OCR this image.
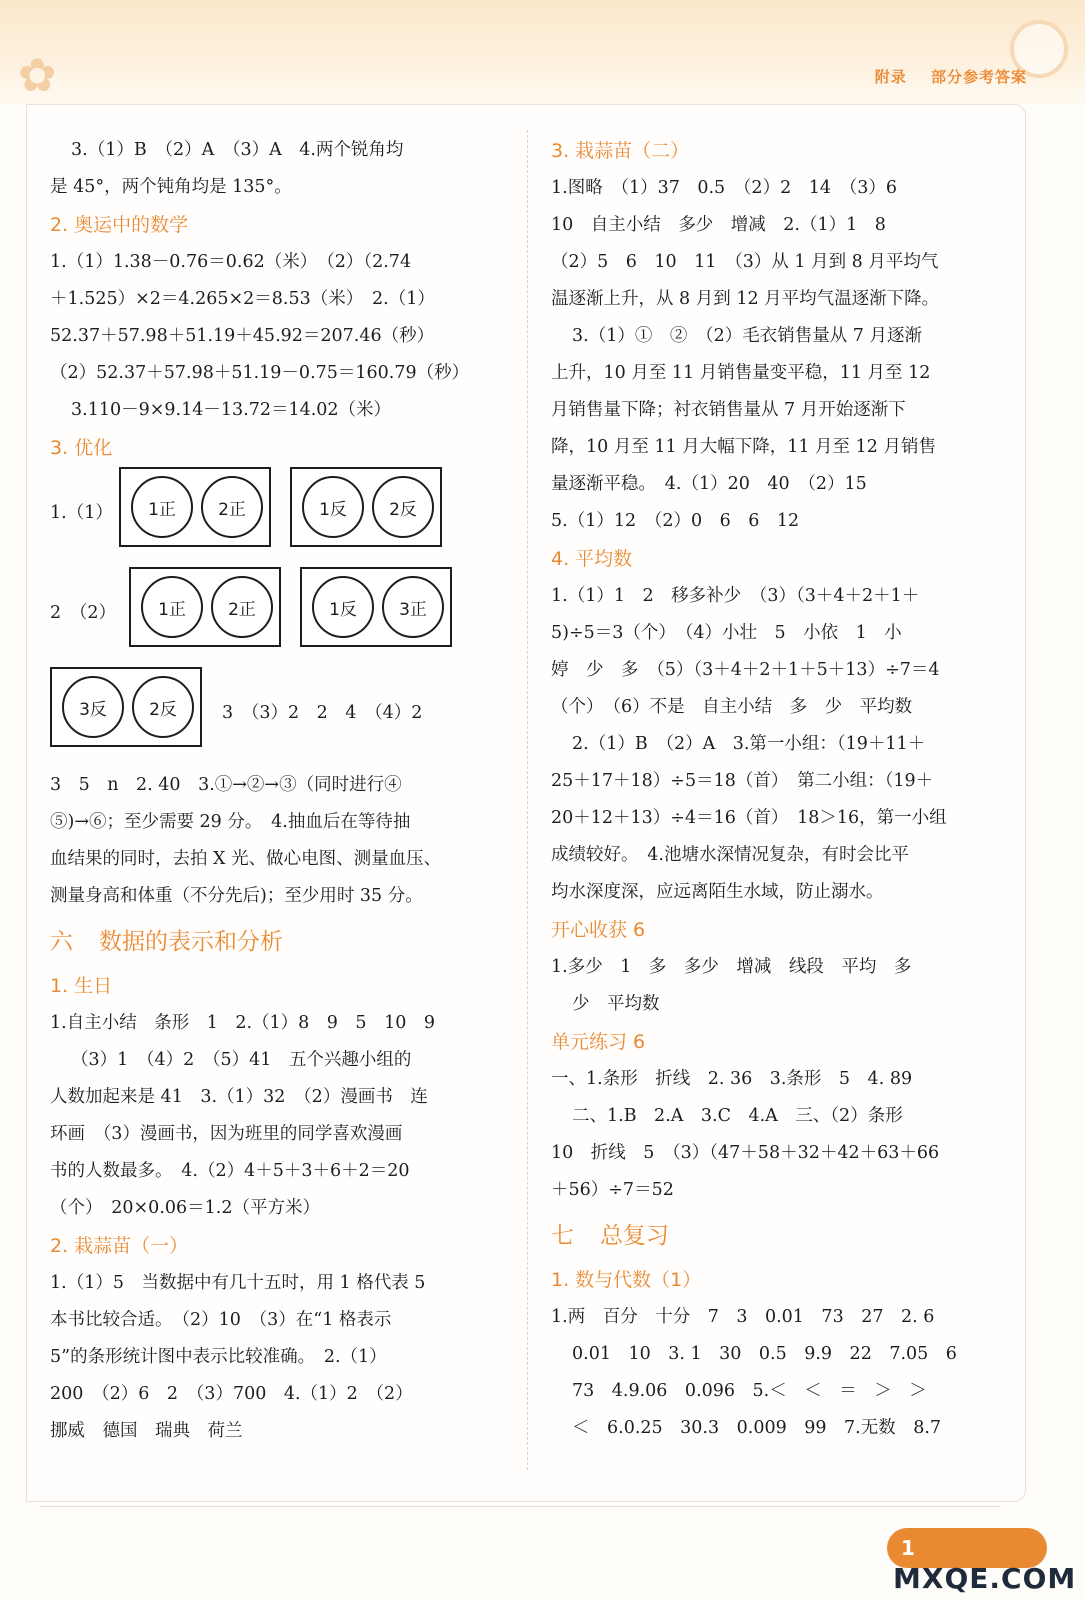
✿	附录 部分参考答案

3.（1）B　（2）A　（3）A　4.两个锐角均

是 45°，两个钝角均是 135°。

2. 奥运中的数学

1.（1）1.38－0.76＝0.62（米）　（2）（2.74

＋1.525）×2＝4.265×2＝8.53（米）　2.（1）

52.37＋57.98＋51.19＋45.92＝207.46（秒）

（2）52.37＋57.98＋51.19－0.75＝160.79（秒）

3.110－9×9.14－13.72＝14.02（米）

3. 优化

1.（1）	1正	2正	1反	2反
2　（2）	1正	2正	1反	3正
3反	2反	3　（3）2　2　4　（4）2

3　5　n　2. 40　3.①→②→③（同时进行④

⑤)→⑥；至少需要 29 分。　4.抽血后在等待抽

血结果的同时，去拍 X 光、做心电图、测量血压、

测量身高和体重（不分先后)；至少用时 35 分。

六 数据的表示和分析

1. 生日

1.自主小结　条形　1　2.（1）8　9　5　10　9

（3）1　（4）2　（5）41　五个兴趣小组的

人数加起来是 41　3.（1）32　（2）漫画书　连

环画　（3）漫画书，因为班里的同学喜欢漫画

书的人数最多。　4.（2）4＋5＋3＋6＋2＝20

（个）　20×0.06＝1.2（平方米）

2. 栽蒜苗（一）

1.（1）5　当数据中有几十五时，用 1 格代表 5

本书比较合适。　（2）10　（3）在“1 格表示

5”的条形统计图中表示比较准确。　2.（1）

200　（2）6　2　（3）700　4.（1）2　（2）

挪威　德国　瑞典　荷兰

3. 栽蒜苗（二）

1.图略　（1）37　0.5　（2）2　14　（3）6

10　自主小结　多少　增减　2.（1）1　8

（2）5　6　10　11　（3）从 1 月到 8 月平均气

温逐渐上升，从 8 月到 12 月平均气温逐渐下降。

3.（1）①　②　（2）毛衣销售量从 7 月逐渐

上升，10 月至 11 月销售量变平稳，11 月至 12

月销售量下降；衬衣销售量从 7 月开始逐渐下

降，10 月至 11 月大幅下降，11 月至 12 月销售

量逐渐平稳。　4.（1）20　40　（2）15

5.（1）12　（2）0　6　6　12

4. 平均数

1.（1）1　2　移多补少　（3）（3＋4＋2＋1＋

5)÷5＝3（个）　（4）小壮　5　小依　1　小

婷　少　多　（5）（3＋4＋2＋1＋5＋13）÷7＝4

（个）　（6）不是　自主小结　多　少　平均数

2.（1）B　（2）A　3.第一小组：（19＋11＋

25＋17＋18）÷5＝18（首）　第二小组：（19＋

20＋12＋13）÷4＝16（首）　18＞16，第一小组

成绩较好。　4.池塘水深情况复杂，有时会比平

均水深度深，应远离陌生水域，防止溺水。

开心收获 6

1.多少　1　多　多少　增减　线段　平均　多

少　平均数

单元练习 6

一、1.条形　折线　2. 36　3.条形　5　4. 89

二、1.B　2.A　3.C　4.A　三、（2）条形

10　折线　5　（3）（47＋58＋32＋42＋63＋66

＋56）÷7＝52

七 总复习

1. 数与代数（1）

1.两　百分　十分　7　3　0.01　73　27　2. 6

0.01　10　3. 1　30　0.5　9.9　22　7.05　6

73　4.9.06　0.096　5.＜　＜　＝　＞　＞

＜　6.0.25　30.3　0.009　99　7.无数　8.7

1
MXQE.COM
